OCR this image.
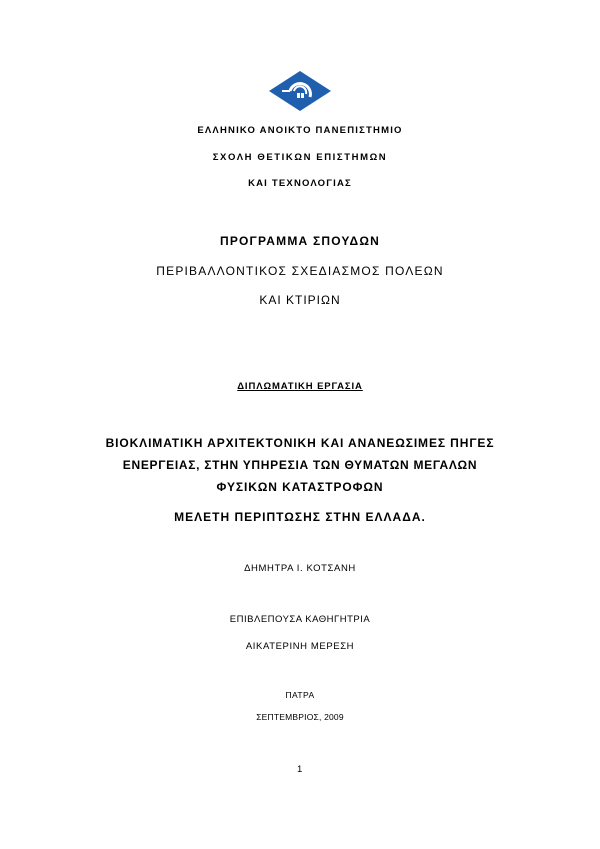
ΕΛΛΗΝΙΚΟ ΑΝΟΙΚΤΟ ΠΑΝΕΠΙΣΤΗΜΙΟ
ΣΧΟΛΗ ΘΕΤΙΚΩΝ ΕΠΙΣΤΗΜΩΝ
ΚΑΙ ΤΕΧΝΟΛΟΓΙΑΣ
ΠΡΟΓΡΑΜΜΑ ΣΠΟΥΔΩΝ
ΠΕΡΙΒΑΛΛΟΝΤΙΚΟΣ ΣΧΕΔΙΑΣΜΟΣ ΠΟΛΕΩΝ
ΚΑΙ ΚΤΙΡΙΩΝ
ΔΙΠΛΩΜΑΤΙΚΗ ΕΡΓΑΣΙΑ
ΒΙΟΚΛΙΜΑΤΙΚΗ ΑΡΧΙΤΕΚΤΟΝΙΚΗ ΚΑΙ ΑΝΑΝΕΩΣΙΜΕΣ ΠΗΓΕΣ
ΕΝΕΡΓΕΙΑΣ, ΣΤΗΝ ΥΠΗΡΕΣΙΑ ΤΩΝ ΘΥΜΑΤΩΝ ΜΕΓΑΛΩΝ
ΦΥΣΙΚΩΝ ΚΑΤΑΣΤΡΟΦΩΝ
ΜΕΛΕΤΗ ΠΕΡΙΠΤΩΣΗΣ ΣΤΗΝ ΕΛΛΑΔΑ.
ΔΗΜΗΤΡΑ Ι. ΚΟΤΣΑΝΗ
ΕΠΙΒΛΕΠΟΥΣΑ ΚΑΘΗΓΗΤΡΙΑ
ΑΙΚΑΤΕΡΙΝΗ ΜΕΡΕΣΗ
ΠΑΤΡΑ
ΣΕΠΤΕΜΒΡΙΟΣ, 2009
1
